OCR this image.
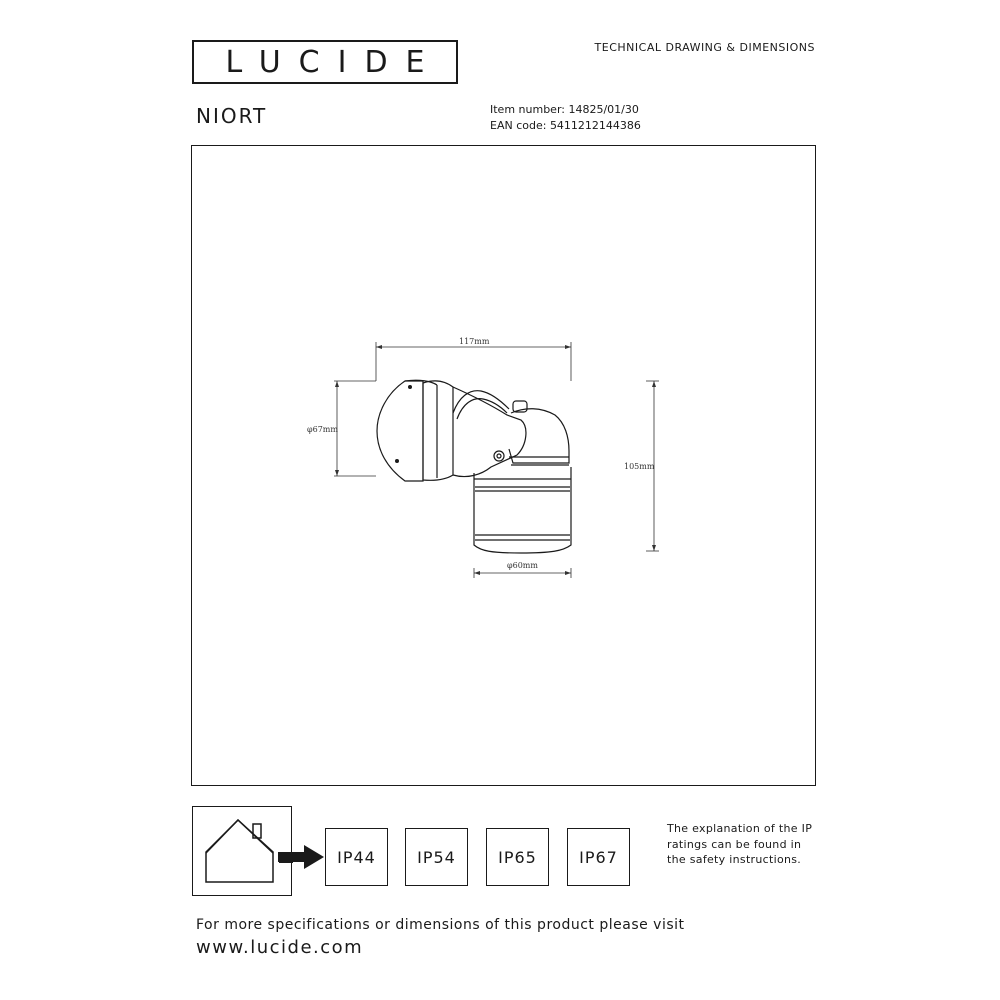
LUCIDE	TECHNICAL DRAWING & DIMENSIONS
NIORT	Item number: 14825/01/30
EAN code: 5411212144386
117mm
φ67mm
105mm
φ60mm
IP44	IP54	IP65	IP67
The explanation of the IP ratings can be found in the safety instructions.
For more specifications or dimensions of this product please visit
www.lucide.com
